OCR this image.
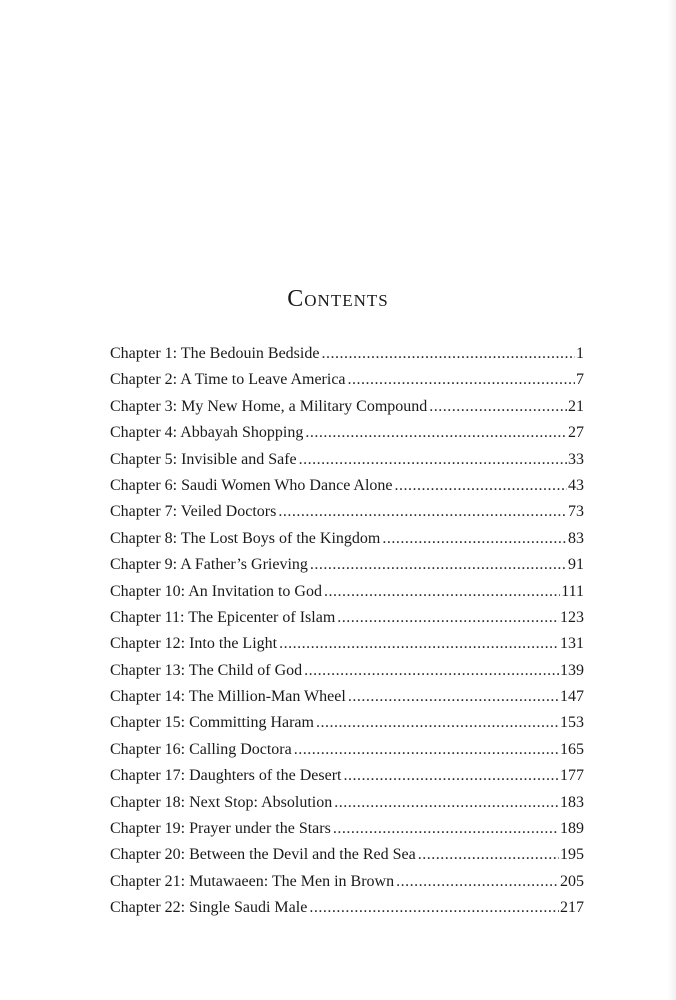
Contents
Chapter 1: The Bedouin Bedside .....	1
Chapter 2: A Time to Leave America .....	7
Chapter 3: My New Home, a Military Compound .....	21
Chapter 4: Abbayah Shopping .....	27
Chapter 5: Invisible and Safe .....	33
Chapter 6: Saudi Women Who Dance Alone .....	43
Chapter 7: Veiled Doctors .....	73
Chapter 8: The Lost Boys of the Kingdom .....	83
Chapter 9: A Father’s Grieving .....	91
Chapter 10: An Invitation to God .....	111
Chapter 11: The Epicenter of Islam .....	123
Chapter 12: Into the Light .....	131
Chapter 13: The Child of God .....	139
Chapter 14: The Million-Man Wheel .....	147
Chapter 15: Committing Haram .....	153
Chapter 16: Calling Doctora .....	165
Chapter 17: Daughters of the Desert .....	177
Chapter 18: Next Stop: Absolution .....	183
Chapter 19: Prayer under the Stars .....	189
Chapter 20: Between the Devil and the Red Sea .....	195
Chapter 21: Mutawaeen: The Men in Brown .....	205
Chapter 22: Single Saudi Male .....	217
